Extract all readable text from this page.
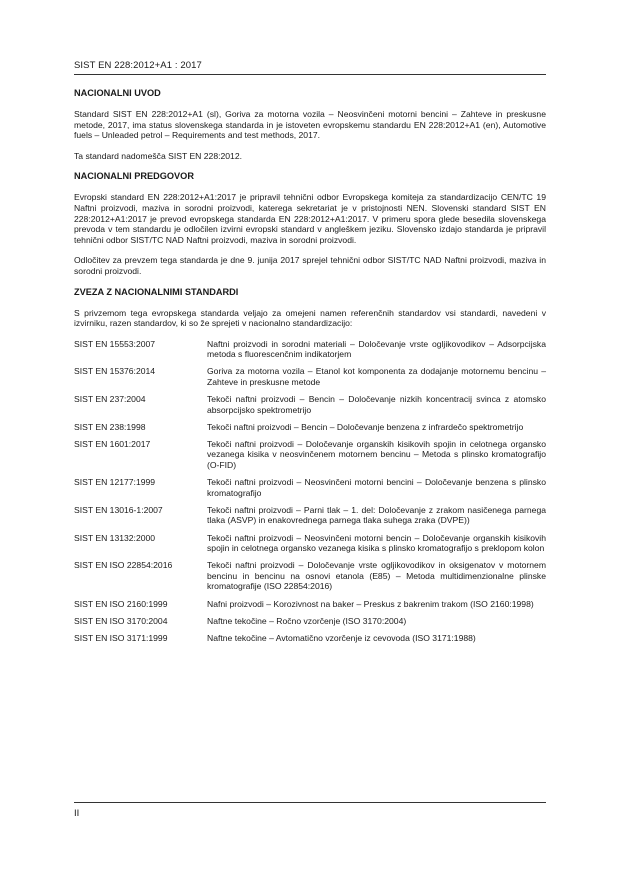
SIST EN 228:2012+A1 : 2017
NACIONALNI UVOD

Standard SIST EN 228:2012+A1 (sl), Goriva za motorna vozila – Neosvinčeni motorni bencini – Zahteve in preskusne metode, 2017, ima status slovenskega standarda in je istoveten evropskemu standardu EN 228:2012+A1 (en), Automotive fuels – Unleaded petrol – Requirements and test methods, 2017.

Ta standard nadomešča SIST EN 228:2012.

NACIONALNI PREDGOVOR

Evropski standard EN 228:2012+A1:2017 je pripravil tehnični odbor Evropskega komiteja za standardizacijo CEN/TC 19 Naftni proizvodi, maziva in sorodni proizvodi, katerega sekretariat je v pristojnosti NEN. Slovenski standard SIST EN 228:2012+A1:2017 je prevod evropskega standarda EN 228:2012+A1:2017. V primeru spora glede besedila slovenskega prevoda v tem standardu je odločilen izvirni evropski standard v angleškem jeziku. Slovensko izdajo standarda je pripravil tehnični odbor SIST/TC NAD Naftni proizvodi, maziva in sorodni proizvodi.

Odločitev za prevzem tega standarda je dne 9. junija 2017 sprejel tehnični odbor SIST/TC NAD Naftni proizvodi, maziva in sorodni proizvodi.

ZVEZA Z NACIONALNIMI STANDARDI

S privzemom tega evropskega standarda veljajo za omejeni namen referenčnih standardov vsi standardi, navedeni v izvirniku, razen standardov, ki so že sprejeti v nacionalno standardizacijo:

SIST EN 15553:2007	Naftni proizvodi in sorodni materiali – Določevanje vrste ogljikovodikov – Adsorpcijska metoda s fluorescenčnim indikatorjem
SIST EN 15376:2014	Goriva za motorna vozila – Etanol kot komponenta za dodajanje motornemu bencinu – Zahteve in preskusne metode
SIST EN 237:2004	Tekoči naftni proizvodi – Bencin – Določevanje nizkih koncentracij svinca z atomsko absorpcijsko spektrometrijo
SIST EN 238:1998	Tekoči naftni proizvodi – Bencin – Določevanje benzena z infrardečo spektrometrijo
SIST EN 1601:2017	Tekoči naftni proizvodi – Določevanje organskih kisikovih spojin in celotnega organsko vezanega kisika v neosvinčenem motornem bencinu – Metoda s plinsko kromatografijo (O-FID)
SIST EN 12177:1999	Tekoči naftni proizvodi – Neosvinčeni motorni bencini – Določevanje benzena s plinsko kromatografijo
SIST EN 13016-1:2007	Tekoči naftni proizvodi – Parni tlak – 1. del: Določevanje z zrakom nasičenega parnega tlaka (ASVP) in enakovrednega parnega tlaka suhega zraka (DVPE))
SIST EN 13132:2000	Tekoči naftni proizvodi – Neosvinčeni motorni bencin – Določevanje organskih kisikovih spojin in celotnega organsko vezanega kisika s plinsko kromatografijo s preklopom kolon
SIST EN ISO 22854:2016	Tekoči naftni proizvodi – Določevanje vrste ogljikovodikov in oksigenatov v motornem bencinu in bencinu na osnovi etanola (E85) – Metoda multidimenzionalne plinske kromatografije (ISO 22854:2016)
SIST EN ISO 2160:1999	Nafni proizvodi – Korozivnost na baker – Preskus z bakrenim trakom (ISO 2160:1998)
SIST EN ISO 3170:2004	Naftne tekočine – Ročno vzorčenje (ISO 3170:2004)
SIST EN ISO 3171:1999	Naftne tekočine – Avtomatično vzorčenje iz cevovoda (ISO 3171:1988)
II
